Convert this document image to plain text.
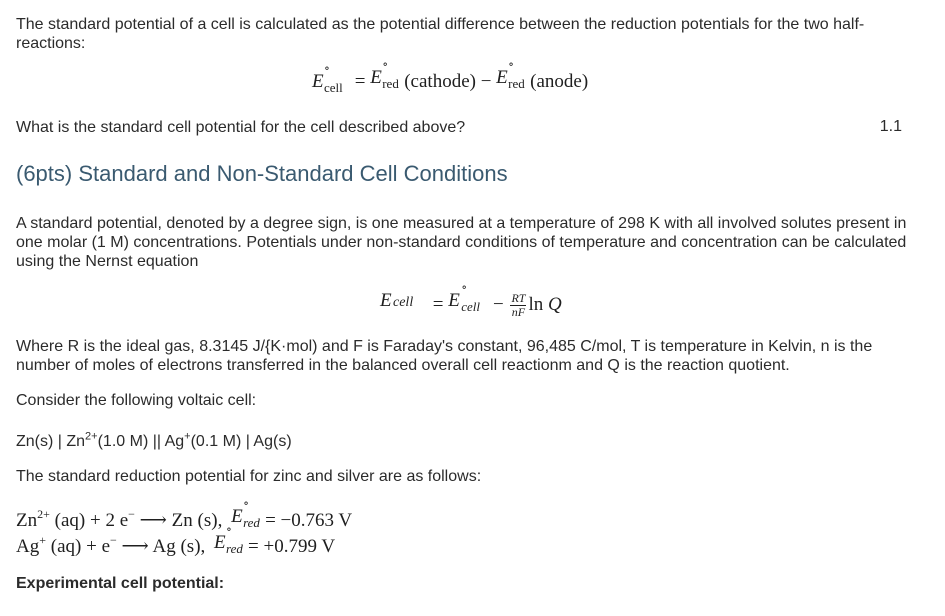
The standard potential of a cell is calculated as the potential difference between the reduction potentials for the two half-reactions:
E
∘
cell = E
∘
red (cathode) − E
∘
red (anode)
What is the standard cell potential for the cell described above?	1.1
(6pts) Standard and Non-Standard Cell Conditions
A standard potential, denoted by a degree sign, is one measured at a temperature of 298 K with all involved solutes present in one molar (1 M) concentrations. Potentials under non-standard conditions of temperature and concentration can be calculated using the Nernst equation
E cell = E
∘
cell − $\frac{RT}{nF}$ ln Q
Where R is the ideal gas, 8.3145 J/{K·mol) and F is Faraday's constant, 96,485 C/mol, T is temperature in Kelvin, n is the number of moles of electrons transferred in the balanced overall cell reactionm and Q is the reaction quotient.
Consider the following voltaic cell:
Zn(s) | $Zn^{2+}(1.0$ M) || Ag+(0.1 M) | Ag(s)
The standard reduction potential for zinc and silver are as follows:
$Zn^{2+}$ (aq) + 2 e− ⟶ Zn (s), E
∘
red = −0.763 V
Ag+ (aq) + e− ⟶ Ag (s), E
∘
red = +0.799 V
Experimental cell potential:
